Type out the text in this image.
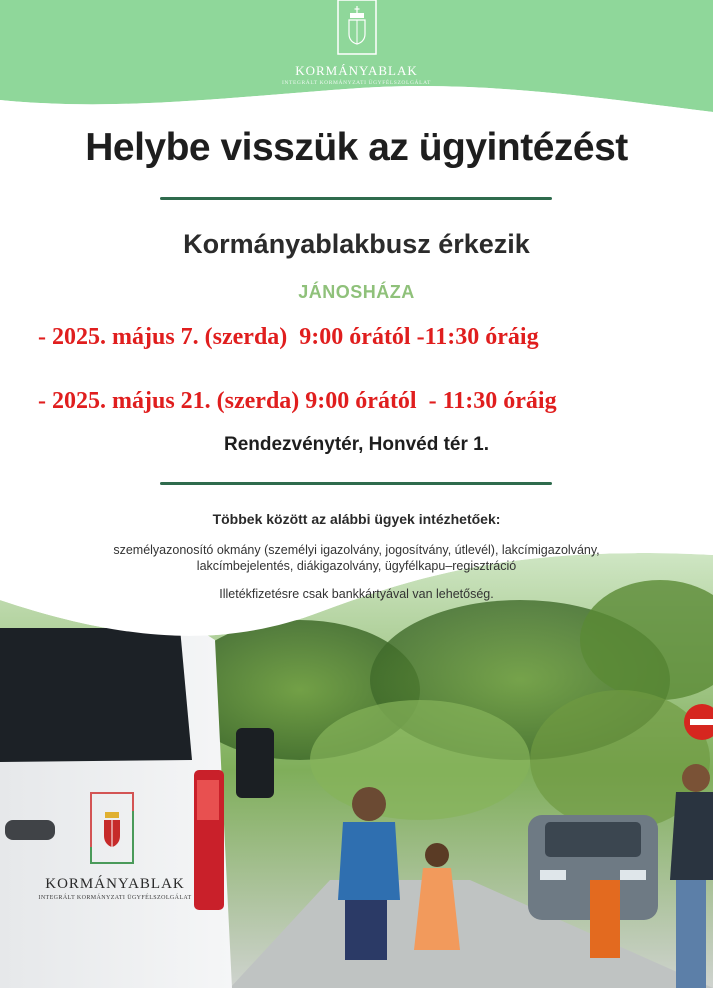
KORMÁNYABLAK
INTEGRÁLT KORMÁNYZATI ÜGYFÉLSZOLGÁLAT
Helybe visszük az ügyintézést
Kormányablakbusz érkezik
JÁNOSHÁZA
- 2025. május 7. (szerda)  9:00 órától -11:30 óráig
- 2025. május 21. (szerda) 9:00 órától  - 11:30 óráig
Rendezvénytér, Honvéd tér 1.
Többek között az alábbi ügyek intézhetőek:
személyazonosító okmány (személyi igazolvány, jogosítvány, útlevél), lakcímigazolvány,
lakcímbejelentés, diákigazolvány, ügyfélkapu–regisztráció
Illetékfizetésre csak bankkártyával van lehetőség.
KORMÁNYABLAK
INTEGRÁLT KORMÁNYZATI ÜGYFÉLSZOLGÁLAT
